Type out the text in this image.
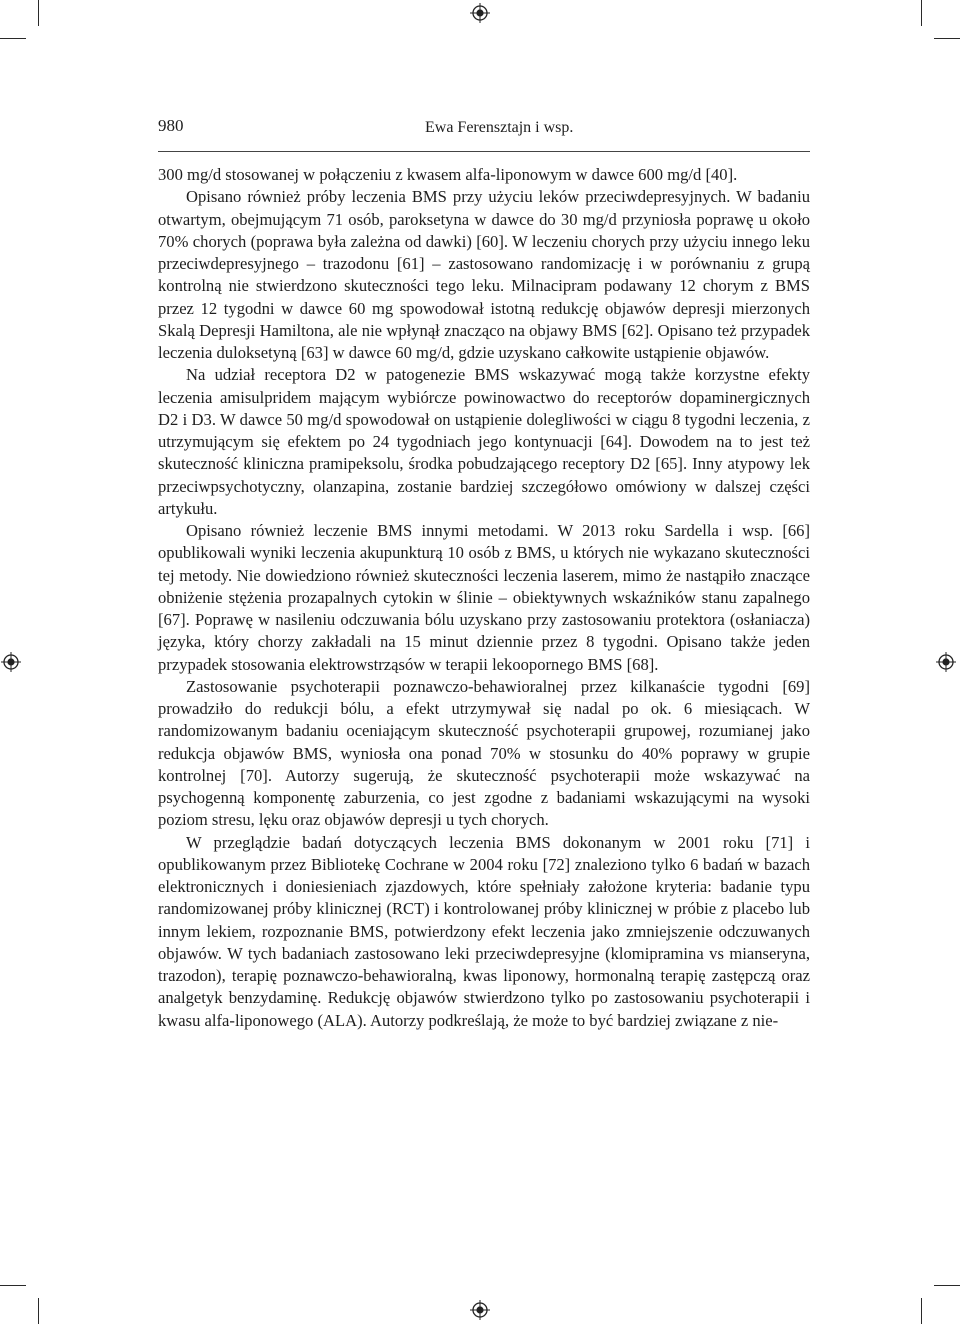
980	Ewa Ferensztajn i wsp.

300 mg/d stosowanej w połączeniu z kwasem alfa-liponowym w dawce 600 mg/d [40].

Opisano również próby leczenia BMS przy użyciu leków przeciwdepresyjnych. W badaniu otwartym, obejmującym 71 osób, paroksetyna w dawce do 30 mg/d przyniosła poprawę u około 70% chorych (poprawa była zależna od dawki) [60]. W leczeniu chorych przy użyciu innego leku przeciwdepresyjnego – trazodonu [61] – zastosowano randomizację i w porównaniu z grupą kontrolną nie stwierdzono skuteczności tego leku. Milnacipram podawany 12 chorym z BMS przez 12 tygodni w dawce 60 mg spowodował istotną redukcję objawów depresji mierzonych Skalą Depresji Hamiltona, ale nie wpłynął znacząco na objawy BMS [62]. Opisano też przypadek leczenia duloksetyną [63] w dawce 60 mg/d, gdzie uzyskano całkowite ustąpienie objawów.

Na udział receptora D2 w patogenezie BMS wskazywać mogą także korzystne efekty leczenia amisulpridem mającym wybiórcze powinowactwo do receptorów dopaminergicznych D2 i D3. W dawce 50 mg/d spowodował on ustąpienie dolegliwości w ciągu 8 tygodni leczenia, z utrzymującym się efektem po 24 tygodniach jego kontynuacji [64]. Dowodem na to jest też skuteczność kliniczna pramipeksolu, środka pobudzającego receptory D2 [65]. Inny atypowy lek przeciwpsychotyczny, olanzapina, zostanie bardziej szczegółowo omówiony w dalszej części artykułu.

Opisano również leczenie BMS innymi metodami. W 2013 roku Sardella i wsp. [66] opublikowali wyniki leczenia akupunkturą 10 osób z BMS, u których nie wykazano skuteczności tej metody. Nie dowiedziono również skuteczności leczenia laserem, mimo że nastąpiło znaczące obniżenie stężenia prozapalnych cytokin w ślinie – obiektywnych wskaźników stanu zapalnego [67]. Poprawę w nasileniu odczuwania bólu uzyskano przy zastosowaniu protektora (osłaniacza) języka, który chorzy zakładali na 15 minut dziennie przez 8 tygodni. Opisano także jeden przypadek stosowania elektrowstrząsów w terapii lekoopornego BMS [68].

Zastosowanie psychoterapii poznawczo-behawioralnej przez kilkanaście tygodni [69] prowadziło do redukcji bólu, a efekt utrzymywał się nadal po ok. 6 miesiącach. W randomizowanym badaniu oceniającym skuteczność psychoterapii grupowej, rozumianej jako redukcja objawów BMS, wyniosła ona ponad 70% w stosunku do 40% poprawy w grupie kontrolnej [70]. Autorzy sugerują, że skuteczność psychoterapii może wskazywać na psychogenną komponentę zaburzenia, co jest zgodne z badaniami wskazującymi na wysoki poziom stresu, lęku oraz objawów depresji u tych chorych.

W przeglądzie badań dotyczących leczenia BMS dokonanym w 2001 roku [71] i opublikowanym przez Bibliotekę Cochrane w 2004 roku [72] znaleziono tylko 6 badań w bazach elektronicznych i doniesieniach zjazdowych, które spełniały założone kryteria: badanie typu randomizowanej próby klinicznej (RCT) i kontrolowanej próby klinicznej w próbie z placebo lub innym lekiem, rozpoznanie BMS, potwierdzony efekt leczenia jako zmniejszenie odczuwanych objawów. W tych badaniach zastosowano leki przeciwdepresyjne (klomipramina vs mianseryna, trazodon), terapię poznawczo-behawioralną, kwas liponowy, hormonalną terapię zastępczą oraz analgetyk benzydaminę. Redukcję objawów stwierdzono tylko po zastosowaniu psychoterapii i kwasu alfa-liponowego (ALA). Autorzy podkreślają, że może to być bardziej związane z nie-
